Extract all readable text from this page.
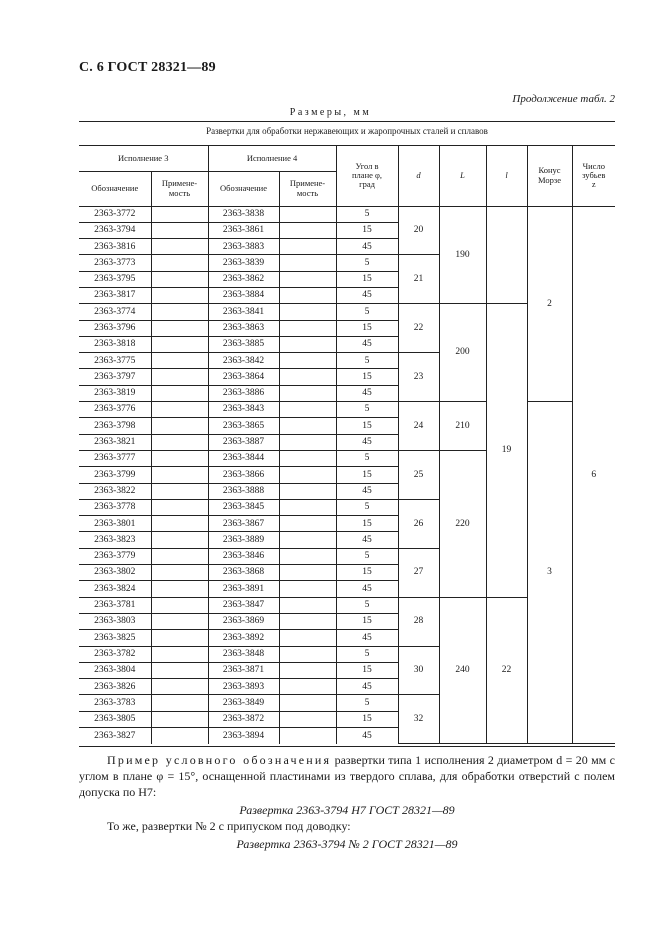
С. 6 ГОСТ 28321—89
Продолжение табл. 2
Размеры, мм
Развертки для обработки нержавеющих и жаропрочных сталей и сплавов
Исполнение 3		Исполнение 4		Угол в
плане φ,
град	d	L	l	Конус
Морзе	Число
зубьев
z
Обозначение	Примене-
мость	Обозначение	Примене-
мость						
2363-3772		2363-3838		5	20	190		2	6
2363-3794		2363-3861		15					
2363-3816		2363-3883		45					
2363-3773		2363-3839		5	21				
2363-3795		2363-3862		15					
2363-3817		2363-3884		45					
2363-3774		2363-3841		5	22	200	19		
2363-3796		2363-3863		15					
2363-3818		2363-3885		45					
2363-3775		2363-3842		5	23				
2363-3797		2363-3864		15					
2363-3819		2363-3886		45					
2363-3776		2363-3843		5	24	210		3	
2363-3798		2363-3865		15					
2363-3821		2363-3887		45					
2363-3777		2363-3844		5	25	220			
2363-3799		2363-3866		15					
2363-3822		2363-3888		45					
2363-3778		2363-3845		5	26				
2363-3801		2363-3867		15					
2363-3823		2363-3889		45					
2363-3779		2363-3846		5	27				
2363-3802		2363-3868		15					
2363-3824		2363-3891		45					
2363-3781		2363-3847		5	28	240	22		
2363-3803		2363-3869		15					
2363-3825		2363-3892		45					
2363-3782		2363-3848		5	30				
2363-3804		2363-3871		15					
2363-3826		2363-3893		45					
2363-3783		2363-3849		5	32				
2363-3805		2363-3872		15					
2363-3827		2363-3894		45					
Пример условного обозначения развертки типа 1 исполнения 2 диаметром d = 20 мм с углом в плане φ = 15°, оснащенной пластинами из твердого сплава, для обработки отверстий с полем допуска по H7:
Развертка 2363-3794 H7 ГОСТ 28321—89
То же, развертки № 2 с припуском под доводку:
Развертка 2363-3794 № 2 ГОСТ 28321—89
